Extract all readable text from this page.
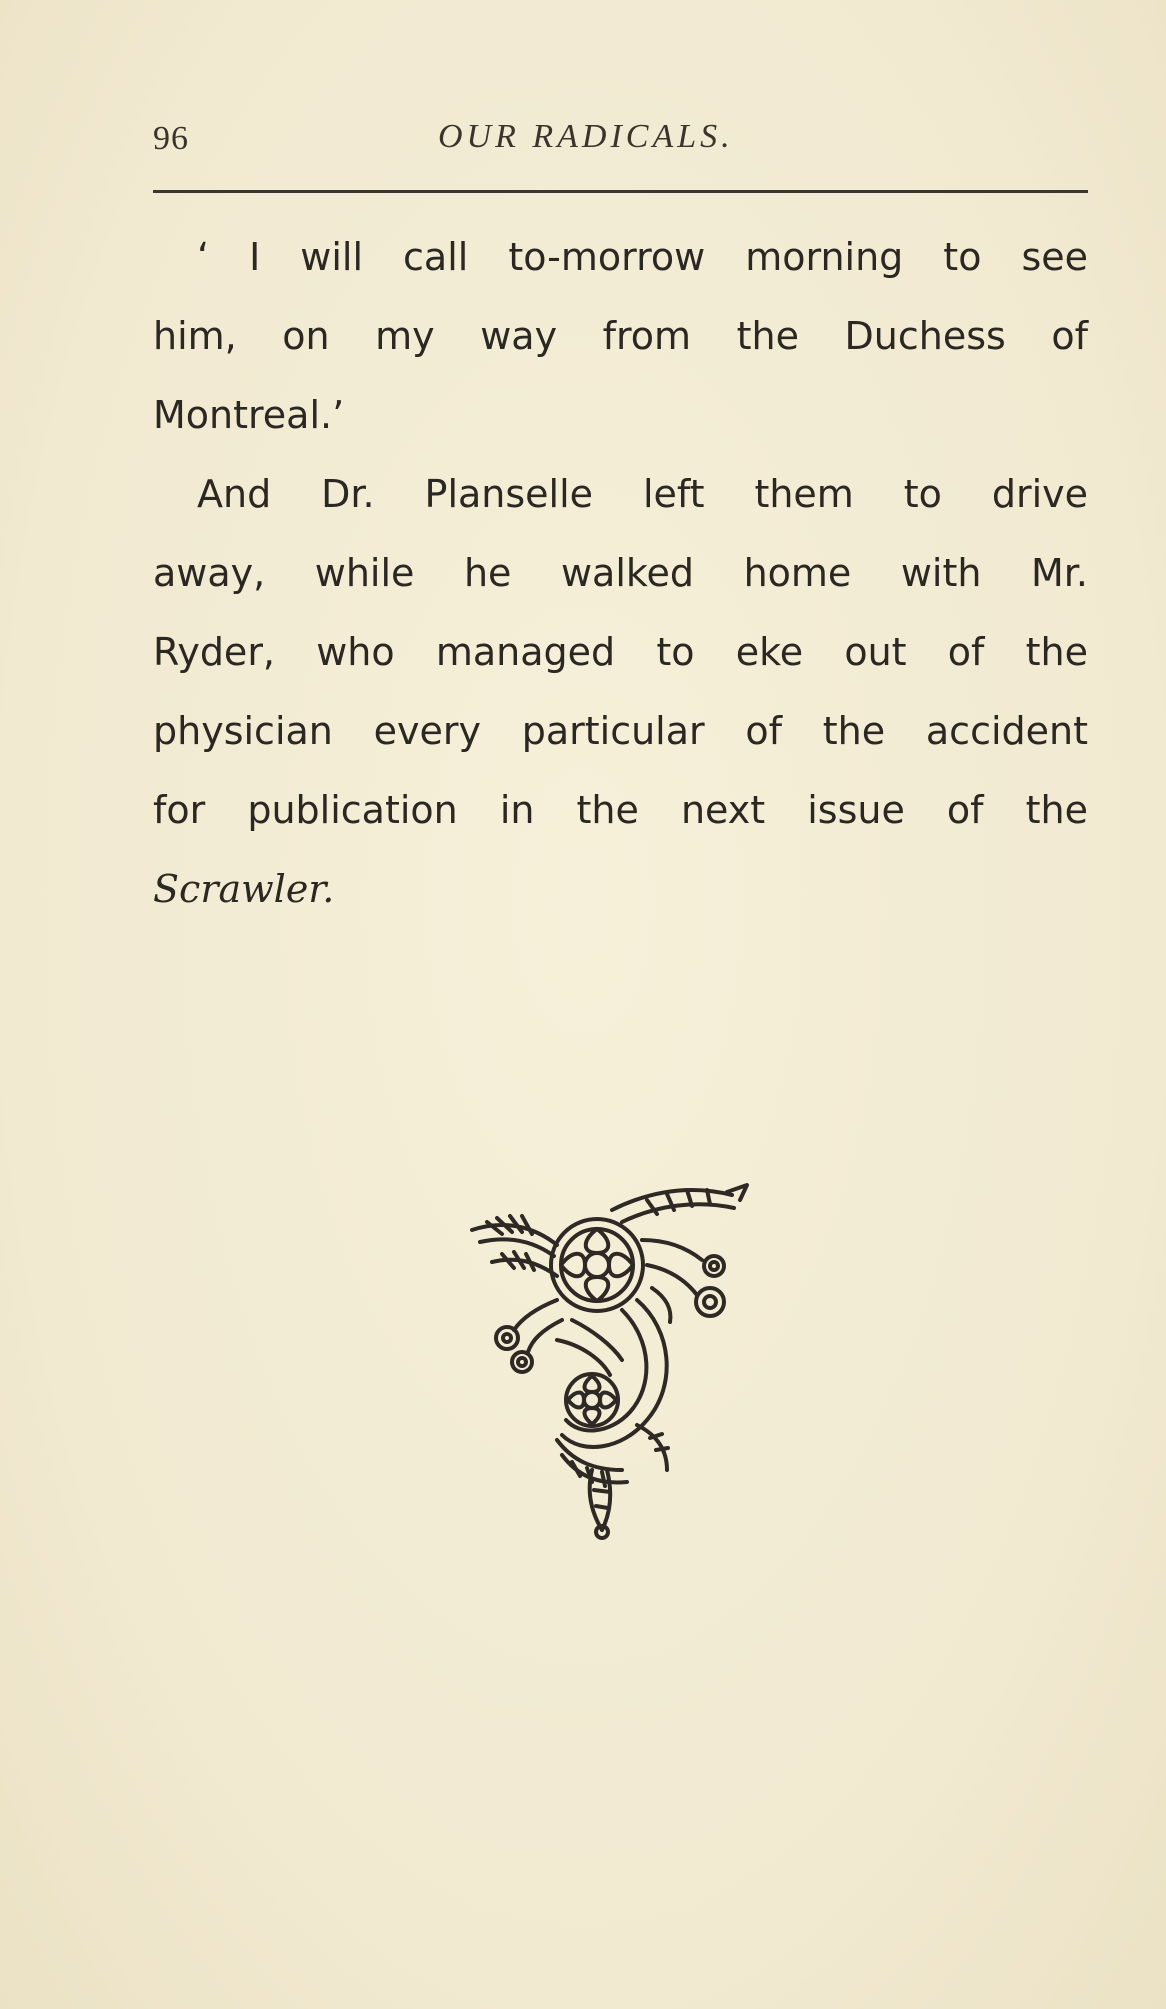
96	OUR RADICALS.
‘ I will call to-morrow morning to see
him, on my way from the Duchess of
Montreal.’
And Dr. Planselle left them to drive
away, while he walked home with Mr.
Ryder, who managed to eke out of the
physician every particular of the accident
for publication in the next issue of the
Scrawler.
